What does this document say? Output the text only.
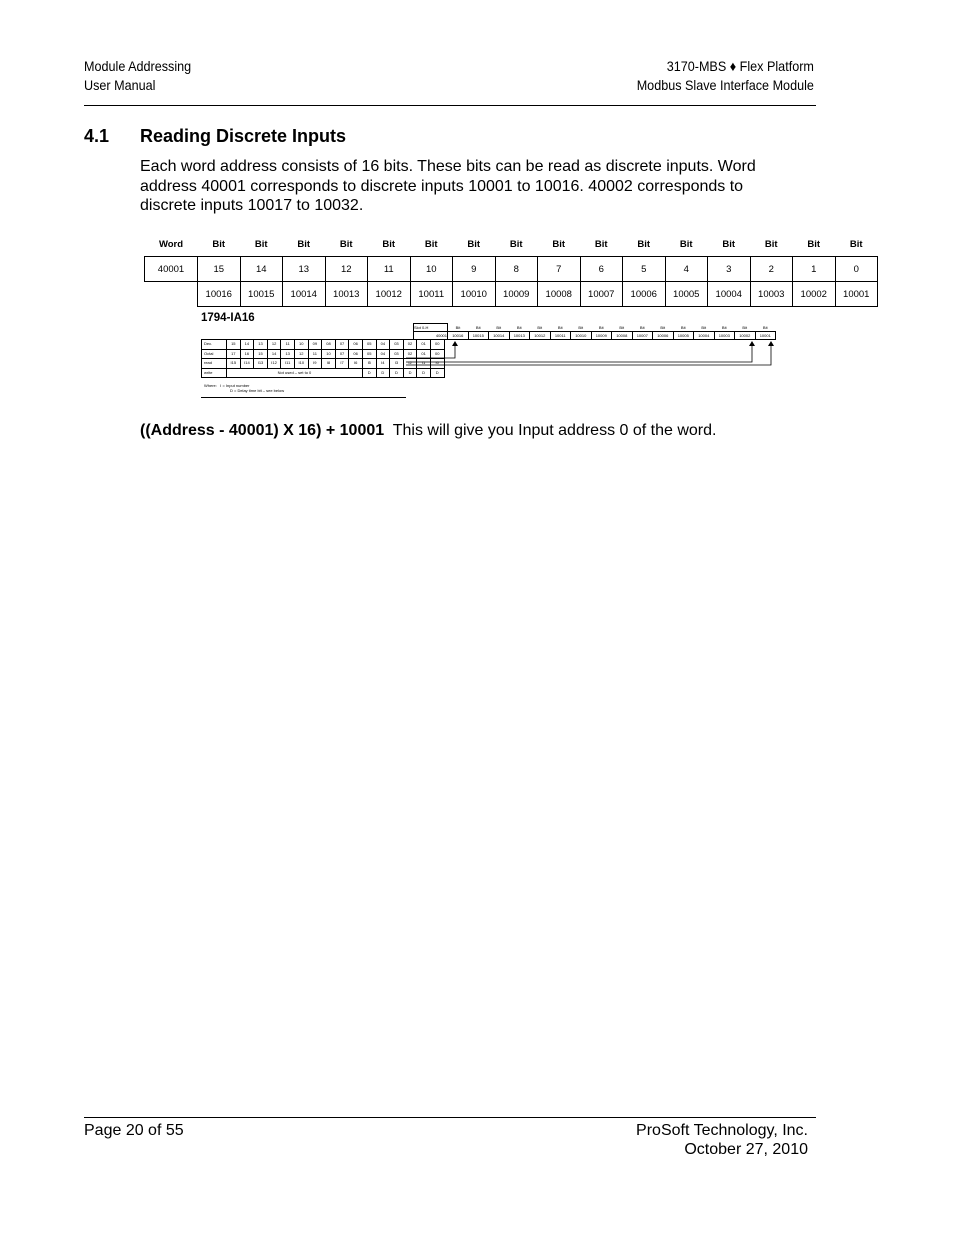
Module Addressing
User Manual
3170-MBS ♦ Flex Platform
Modbus Slave Interface Module
4.1 Reading Discrete Inputs
Each word address consists of 16 bits. These bits can be read as discrete inputs. Word address 40001 corresponds to discrete inputs 10001 to 10016. 40002 corresponds to discrete inputs 10017 to 10032.
Word	Bit	Bit	Bit	Bit	Bit	Bit	Bit	Bit	Bit	Bit	Bit	Bit	Bit	Bit	Bit	Bit
40001	15	14	13	12	11	10	9	8	7	6	5	4	3	2	1	0
	10016	10015	10014	10013	10012	10011	10010	10009	10008	10007	10006	10005	10004	10003	10002	10001
1794-IA16
Dec.	15	14	13	12	11	10	09	08	07	06	05	04	03	02	01	00
Octal	17	16	15	14	13	12	11	10	07	06	05	04	03	02	01	00
read	I15	I14	I13	I12	I11	I10	I9	I8	I7	I6	I5	I4	I3	I2	I1	I0
write	Not used – set to 0										D	D	D	D	D	D
Where: I = Input number
D = Delay time bit – see below
Slot 0-H	Bit	Bit	Bit	Bit	Bit	Bit	Bit	Bit	Bit	Bit	Bit	Bit	Bit	Bit	Bit	Bit
40001	10016	10015	10014	10013	10012	10011	10010	10009	10008	10007	10006	10005	10004	10003	10002	10001
((Address - 40001) X 16) + 10001  This will give you Input address 0 of the word.
Page 20 of 55	ProSoft Technology, Inc.
October 27, 2010
